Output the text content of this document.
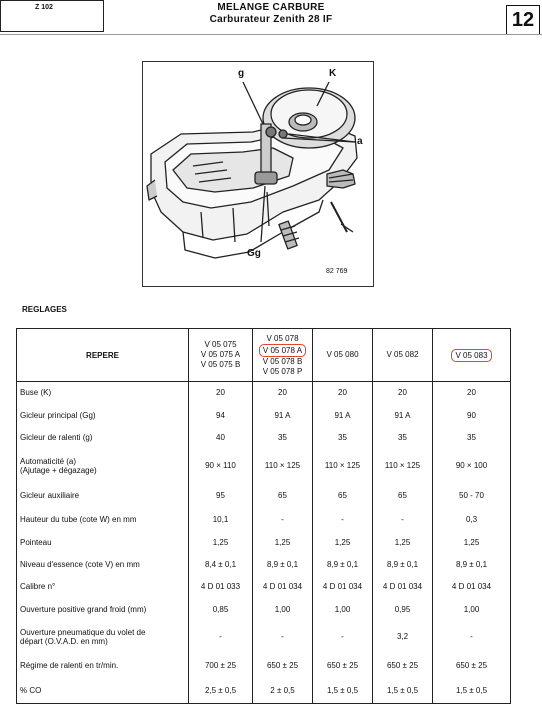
Z 102	MELANGE CARBURE
Carburateur Zenith 28 IF	12
g	K
a
Gg
82 769
REGLAGES
REPERE	V 05 075
V 05 075 A
V 05 075 B	V 05 078
V 05 078 A
V 05 078 B
V 05 078 P	V 05 080	V 05 082	V 05 083

Buse (K)	20	20	20	20	20

Gicleur principal (Gg)	94	91 A	91 A	91 A	90

Gicleur de ralenti (g)	40	35	35	35	35

Automaticité (a)
(Ajutage + dégazage)	90 × 110	110 × 125	110 × 125	110 × 125	90 × 100

Gicleur auxiliaire	95	65	65	65	50 - 70

Hauteur du tube (cote W) en mm	10,1	-	-	-	0,3

Pointeau	1,25	1,25	1,25	1,25	1,25

Niveau d'essence (cote V) en mm	8,4 ± 0,1	8,9 ± 0,1	8,9 ± 0,1	8,9 ± 0,1	8,9 ± 0,1

Calibre n°	4 D 01 033	4 D 01 034	4 D 01 034	4 D 01 034	4 D 01 034

Ouverture positive grand froid (mm)	0,85	1,00	1,00	0,95	1,00

Ouverture pneumatique du volet de
départ (O.V.A.D. en mm)	-	-	-	3,2	-

Régime de ralenti en tr/min.	700 ± 25	650 ± 25	650 ± 25	650 ± 25	650 ± 25

% CO	2,5 ± 0,5	2 ± 0,5	1,5 ± 0,5	1,5 ± 0,5	1,5 ± 0,5
